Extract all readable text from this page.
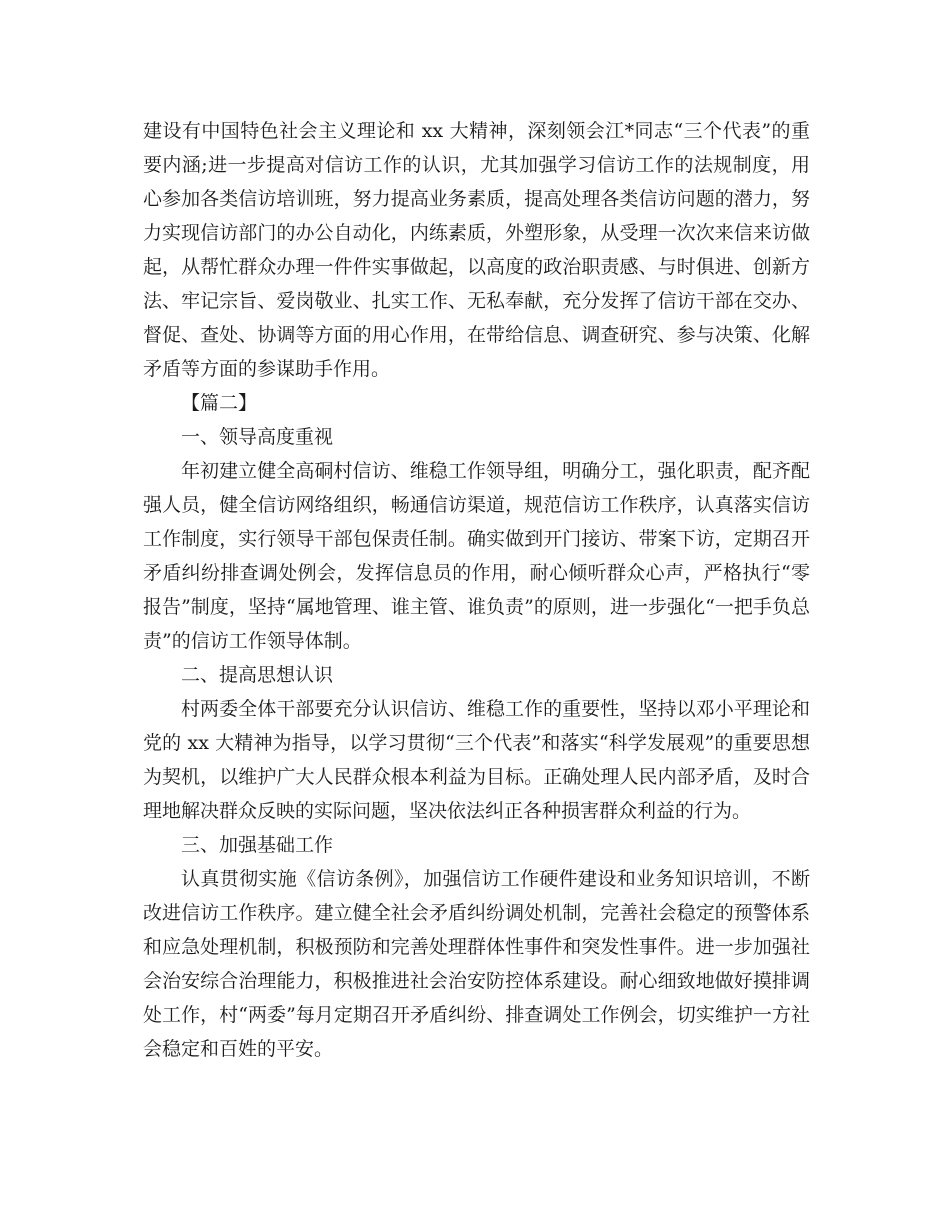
建设有中国特色社会主义理论和 xx 大精神，深刻领会江*同志“三个代表”的重要内涵;进一步提高对信访工作的认识，尤其加强学习信访工作的法规制度，用心参加各类信访培训班，努力提高业务素质，提高处理各类信访问题的潜力，努力实现信访部门的办公自动化，内练素质，外塑形象，从受理一次次来信来访做起，从帮忙群众办理一件件实事做起，以高度的政治职责感、与时俱进、创新方法、牢记宗旨、爱岗敬业、扎实工作、无私奉献，充分发挥了信访干部在交办、督促、查处、协调等方面的用心作用，在带给信息、调查研究、参与决策、化解矛盾等方面的参谋助手作用。

【篇二】

一、领导高度重视

年初建立健全高硐村信访、维稳工作领导组，明确分工，强化职责，配齐配强人员，健全信访网络组织，畅通信访渠道，规范信访工作秩序，认真落实信访工作制度，实行领导干部包保责任制。确实做到开门接访、带案下访，定期召开矛盾纠纷排查调处例会，发挥信息员的作用，耐心倾听群众心声，严格执行“零报告”制度，坚持“属地管理、谁主管、谁负责”的原则，进一步强化“一把手负总责”的信访工作领导体制。

二、提高思想认识

村两委全体干部要充分认识信访、维稳工作的重要性，坚持以邓小平理论和党的 xx 大精神为指导，以学习贯彻“三个代表”和落实“科学发展观”的重要思想为契机，以维护广大人民群众根本利益为目标。正确处理人民内部矛盾，及时合理地解决群众反映的实际问题，坚决依法纠正各种损害群众利益的行为。

三、加强基础工作

认真贯彻实施《信访条例》，加强信访工作硬件建设和业务知识培训，不断改进信访工作秩序。建立健全社会矛盾纠纷调处机制，完善社会稳定的预警体系和应急处理机制，积极预防和完善处理群体性事件和突发性事件。进一步加强社会治安综合治理能力，积极推进社会治安防控体系建设。耐心细致地做好摸排调处工作，村“两委”每月定期召开矛盾纠纷、排查调处工作例会，切实维护一方社会稳定和百姓的平安。
